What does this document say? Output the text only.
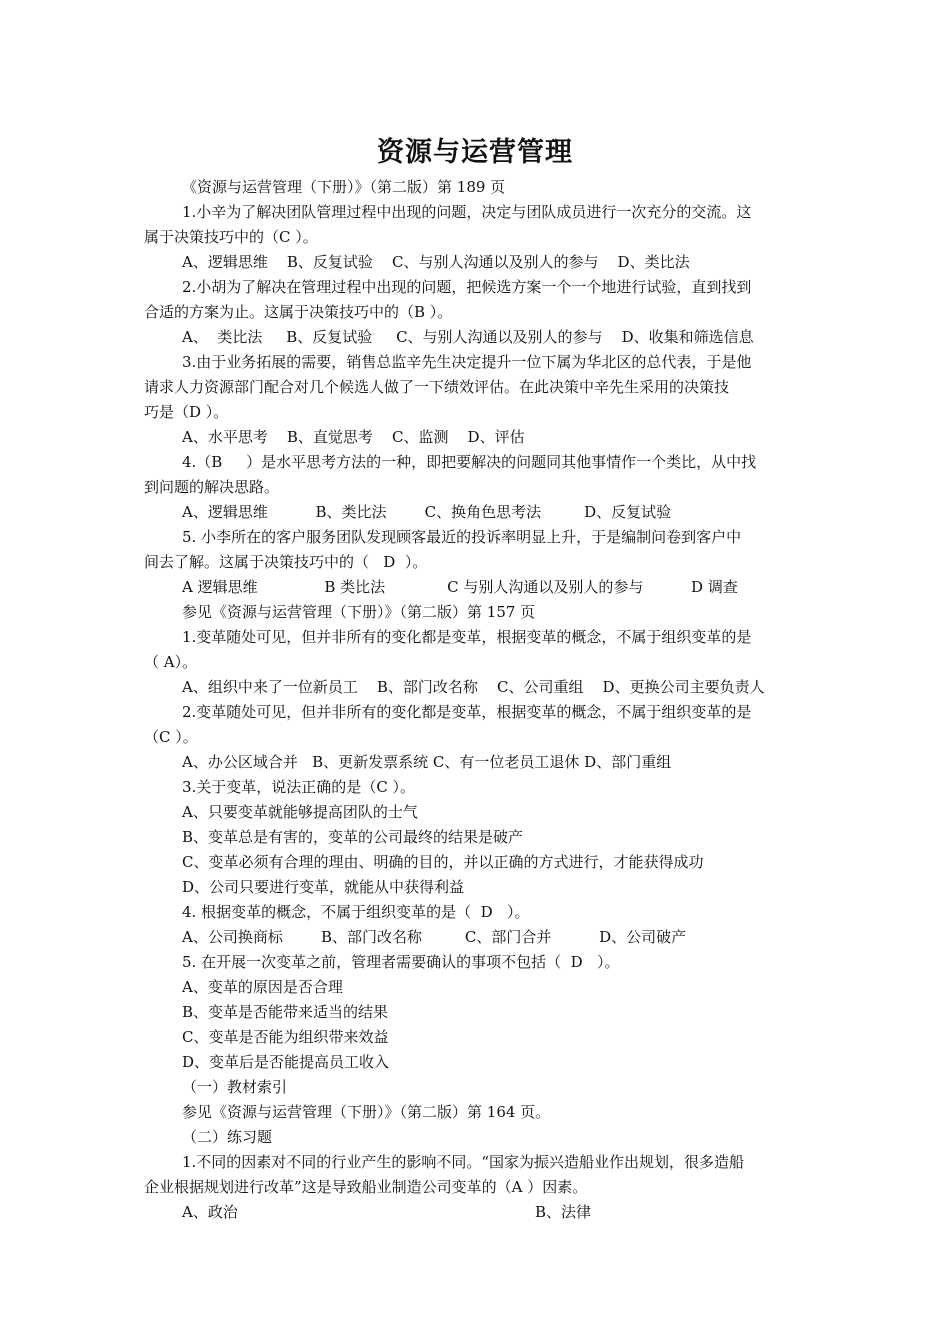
资源与运营管理
《资源与运营管理（下册）》（第二版）第 189 页
1.小辛为了解决团队管理过程中出现的问题，决定与团队成员进行一次充分的交流。这
属于决策技巧中的（C ）。
A、逻辑思维    B、反复试验    C、与别人沟通以及别人的参与    D、类比法
2.小胡为了解决在管理过程中出现的问题，把候选方案一个一个地进行试验，直到找到
合适的方案为止。这属于决策技巧中的（B ）。
A、  类比法     B、反复试验     C、与别人沟通以及别人的参与    D、收集和筛选信息
3.由于业务拓展的需要，销售总监辛先生决定提升一位下属为华北区的总代表，于是他
请求人力资源部门配合对几个候选人做了一下绩效评估。在此决策中辛先生采用的决策技
巧是（D ）。
A、水平思考    B、直觉思考    C、监测    D、评估
4.（B     ）是水平思考方法的一种，即把要解决的问题同其他事情作一个类比，从中找
到问题的解决思路。
A、逻辑思维          B、类比法        C、换角色思考法         D、反复试验
5. 小李所在的客户服务团队发现顾客最近的投诉率明显上升，于是编制问卷到客户中
间去了解。这属于决策技巧中的（   D  ）。
A 逻辑思维              B 类比法             C 与别人沟通以及别人的参与          D 调查
参见《资源与运营管理（下册）》（第二版）第 157 页
1.变革随处可见，但并非所有的变化都是变革，根据变革的概念，不属于组织变革的是
（ A）。
A、组织中来了一位新员工    B、部门改名称    C、公司重组    D、更换公司主要负责人
2.变革随处可见，但并非所有的变化都是变革，根据变革的概念，不属于组织变革的是
（C ）。
A、办公区域合并   B、更新发票系统 C、有一位老员工退休 D、部门重组
3.关于变革，说法正确的是（C ）。
A、只要变革就能够提高团队的士气
B、变革总是有害的，变革的公司最终的结果是破产
C、变革必须有合理的理由、明确的目的，并以正确的方式进行，才能获得成功
D、公司只要进行变革，就能从中获得利益
4. 根据变革的概念，不属于组织变革的是（  D   ）。
A、公司换商标        B、部门改名称         C、部门合并          D、公司破产
5. 在开展一次变革之前，管理者需要确认的事项不包括（  D   ）。
A、变革的原因是否合理
B、变革是否能带来适当的结果
C、变革是否能为组织带来效益
D、变革后是否能提高员工收入
（一）教材索引
参见《资源与运营管理（下册）》（第二版）第 164 页。
（二）练习题
1.不同的因素对不同的行业产生的影响不同。“国家为振兴造船业作出规划，很多造船
企业根据规划进行改革”这是导致船业制造公司变革的（A ）因素。
A、政治	B、法律
